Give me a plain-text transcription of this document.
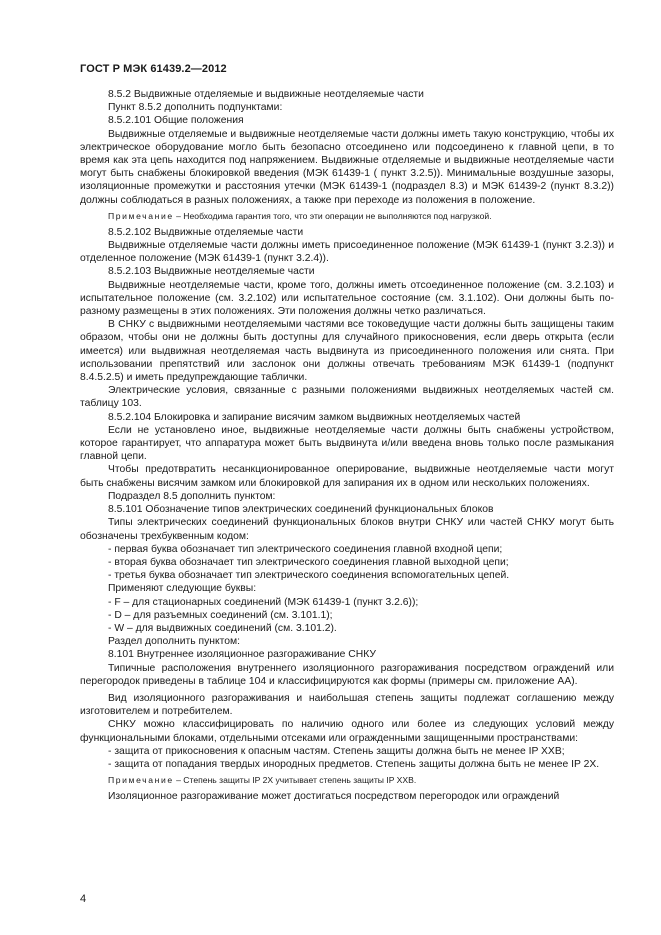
ГОСТ Р МЭК 61439.2—2012

8.5.2 Выдвижные отделяемые и выдвижные неотделяемые части

Пункт 8.5.2 дополнить подпунктами:

8.5.2.101 Общие положения

Выдвижные отделяемые и выдвижные неотделяемые части должны иметь такую конструкцию, чтобы их электрическое оборудование могло быть безопасно отсоединено или подсоединено к главной цепи, в то время как эта цепь находится под напряжением. Выдвижные отделяемые и выдвижные неотделяемые части могут быть снабжены блокировкой введения (МЭК 61439-1 ( пункт 3.2.5)). Минимальные воздушные зазоры, изоляционные промежутки и расстояния утечки (МЭК 61439-1 (подраздел 8.3) и МЭК 61439-2 (пункт 8.3.2)) должны соблюдаться в разных положениях, а также при переходе из положения в положение.

Примечание – Необходима гарантия того, что эти операции не выполняются под нагрузкой.

8.5.2.102 Выдвижные отделяемые части

Выдвижные отделяемые части должны иметь присоединенное положение (МЭК 61439-1 (пункт 3.2.3)) и отделенное положение (МЭК 61439-1 (пункт 3.2.4)).

8.5.2.103 Выдвижные неотделяемые части

Выдвижные неотделяемые части, кроме того, должны иметь отсоединенное положение (см. 3.2.103) и испытательное положение (см. 3.2.102) или испытательное состояние (см. 3.1.102). Они должны быть по-разному размещены в этих положениях. Эти положения должны четко различаться.

В СНКУ с выдвижными неотделяемыми частями все токоведущие части должны быть защищены таким образом, чтобы они не должны быть доступны для случайного прикосновения, если дверь открыта (если имеется) или выдвижная неотделяемая часть выдвинута из присоединенного положения или снята. При использовании препятствий или заслонок они должны отвечать требованиям МЭК 61439-1 (подпункт 8.4.5.2.5) и иметь предупреждающие таблички.

Электрические условия, связанные с разными положениями выдвижных неотделяемых частей см. таблицу 103.

8.5.2.104 Блокировка и запирание висячим замком выдвижных неотделяемых частей

Если не установлено иное, выдвижные неотделяемые части должны быть снабжены устройством, которое гарантирует, что аппаратура может быть выдвинута и/или введена вновь только после размыкания главной цепи.

Чтобы предотвратить несанкционированное оперирование, выдвижные неотделяемые части могут быть снабжены висячим замком или блокировкой для запирания их в одном или нескольких положениях.

Подраздел 8.5 дополнить пунктом:

8.5.101 Обозначение типов электрических соединений функциональных блоков

Типы электрических соединений функциональных блоков внутри СНКУ или частей СНКУ могут быть обозначены трехбуквенным кодом:

- первая буква обозначает тип электрического соединения главной входной цепи;

- вторая буква обозначает тип электрического соединения главной выходной цепи;

- третья буква обозначает тип электрического соединения вспомогательных цепей.

Применяют следующие буквы:

- F – для стационарных соединений (МЭК 61439-1 (пункт 3.2.6));

- D – для разъемных соединений (см. 3.101.1);

- W – для выдвижных соединений (см. 3.101.2).

Раздел дополнить пунктом:

8.101 Внутреннее изоляционное разгораживание СНКУ

Типичные расположения внутреннего изоляционного разгораживания посредством ограждений или перегородок приведены в таблице 104 и классифицируются как формы (примеры см. приложение АА).

Вид изоляционного разгораживания и наибольшая степень защиты подлежат соглашению между изготовителем и потребителем.

СНКУ можно классифицировать по наличию одного или более из следующих условий между функциональными блоками, отдельными отсеками или огражденными защищенными пространствами:

- защита от прикосновения к опасным частям. Степень защиты должна быть не менее IP ХХВ;

- защита от попадания твердых инородных предметов. Степень защиты должна быть не менее IP 2Х.

Примечание – Степень защиты IP 2Х учитывает степень защиты IP ХХВ.

Изоляционное разгораживание может достигаться посредством перегородок или ограждений

4
